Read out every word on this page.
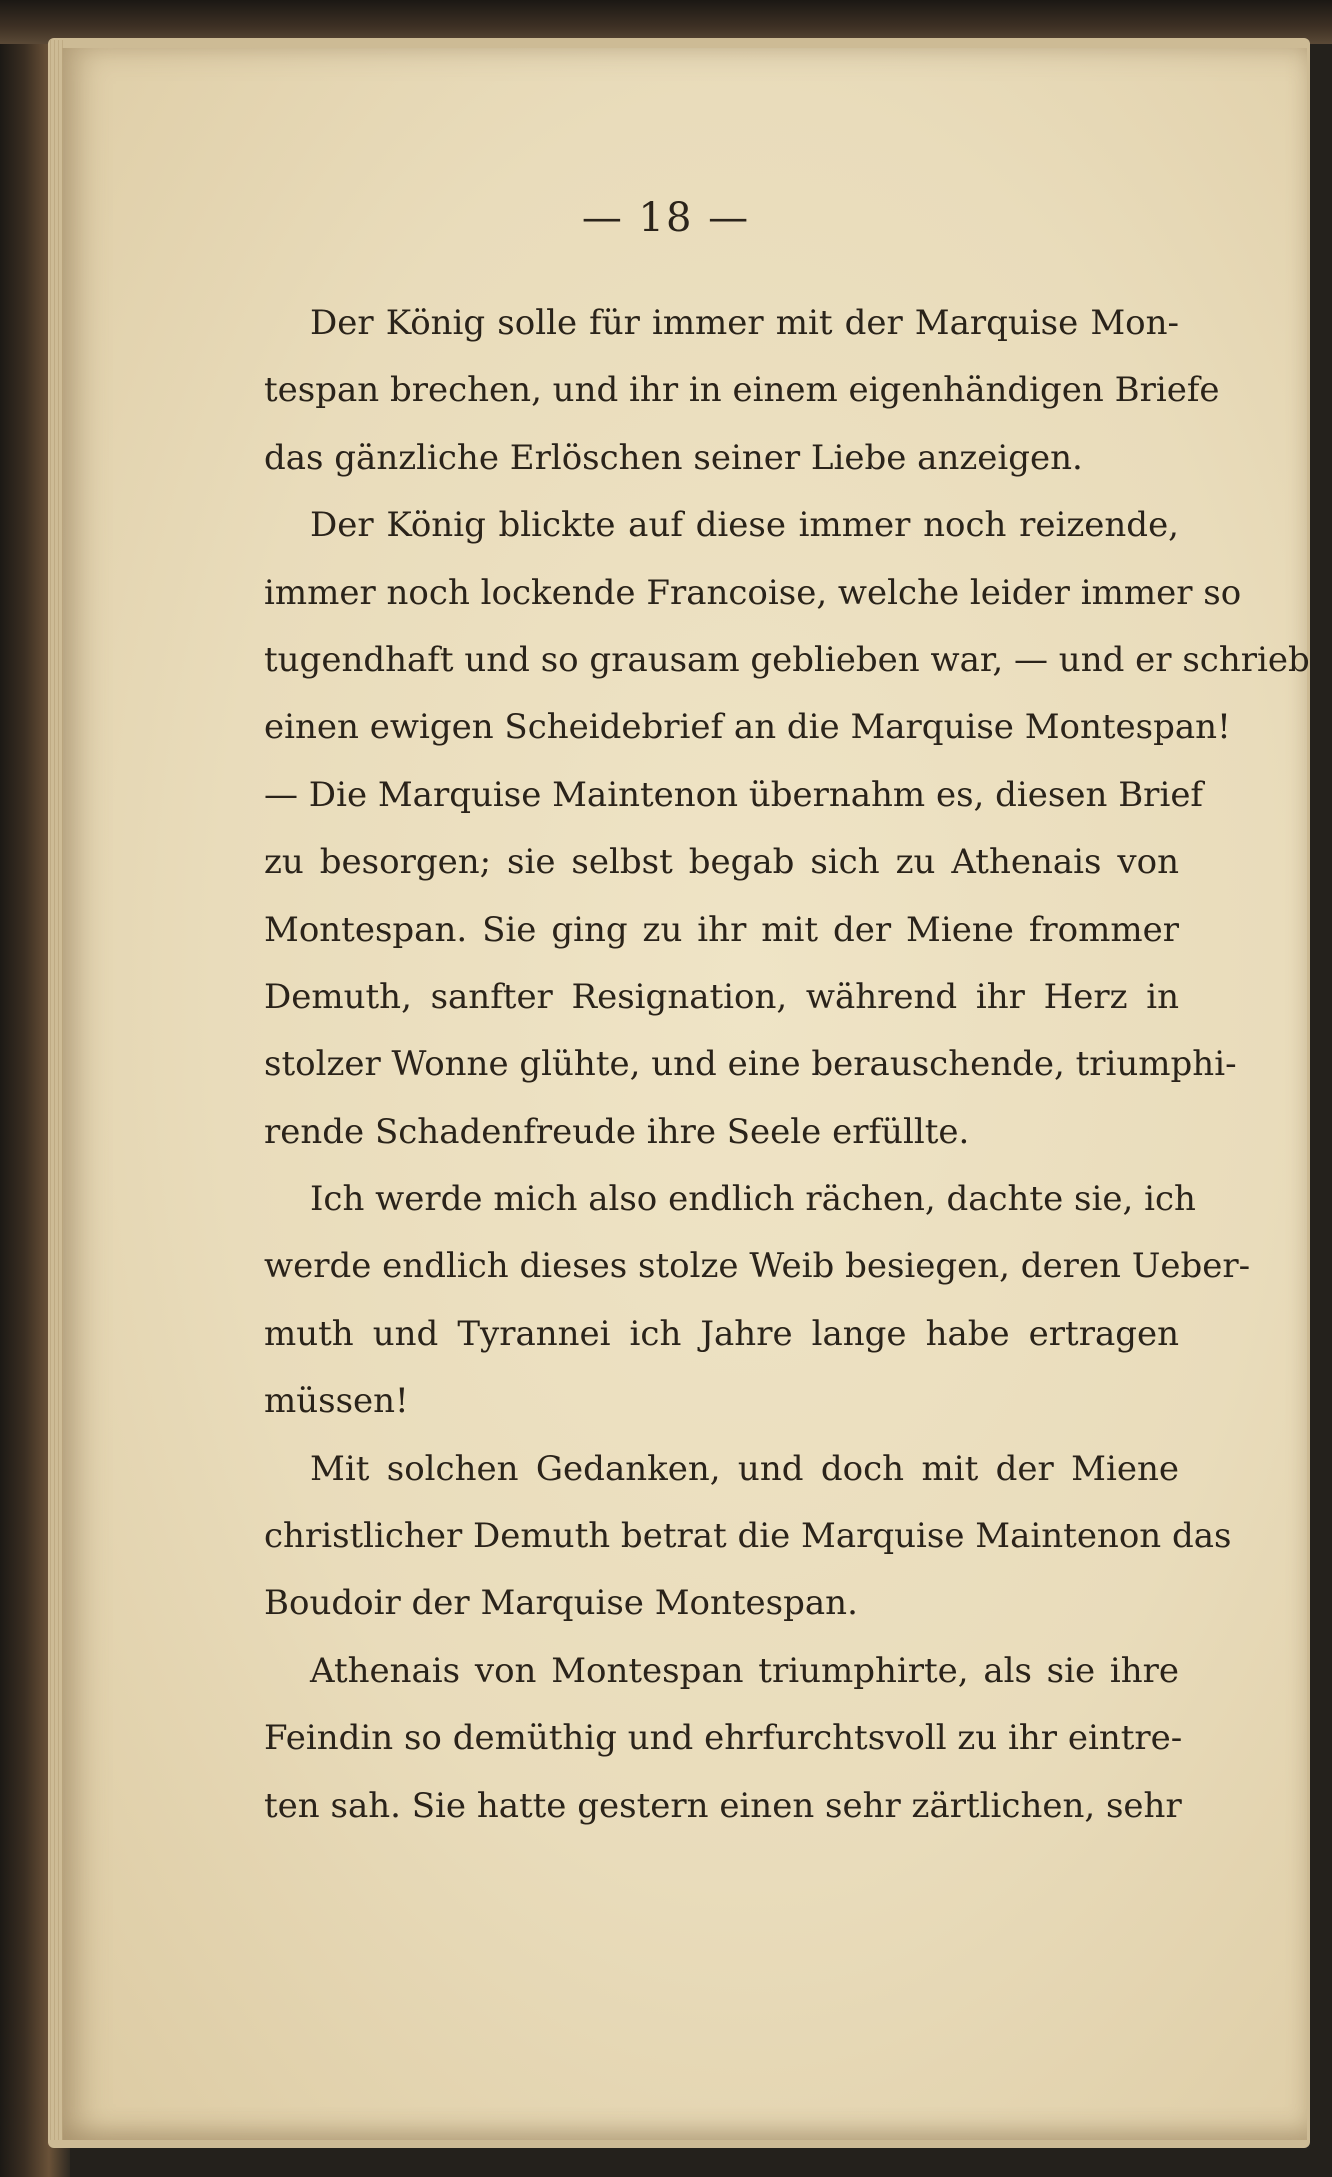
— 18 —
Der König solle für immer mit der Marquise Mon-
tespan brechen, und ihr in einem eigenhändigen Briefe
das gänzliche Erlöschen seiner Liebe anzeigen.
Der König blickte auf diese immer noch reizende,
immer noch lockende Francoise, welche leider immer so
tugendhaft und so grausam geblieben war, — und er schrieb
einen ewigen Scheidebrief an die Marquise Montespan!
— Die Marquise Maintenon übernahm es, diesen Brief
zu besorgen; sie selbst begab sich zu Athenais von
Montespan. Sie ging zu ihr mit der Miene frommer
Demuth, sanfter Resignation, während ihr Herz in
stolzer Wonne glühte, und eine berauschende, triumphi-
rende Schadenfreude ihre Seele erfüllte.
Ich werde mich also endlich rächen, dachte sie, ich
werde endlich dieses stolze Weib besiegen, deren Ueber-
muth und Tyrannei ich Jahre lange habe ertragen
müssen!
Mit solchen Gedanken, und doch mit der Miene
christlicher Demuth betrat die Marquise Maintenon das
Boudoir der Marquise Montespan.
Athenais von Montespan triumphirte, als sie ihre
Feindin so demüthig und ehrfurchtsvoll zu ihr eintre-
ten sah. Sie hatte gestern einen sehr zärtlichen, sehr
